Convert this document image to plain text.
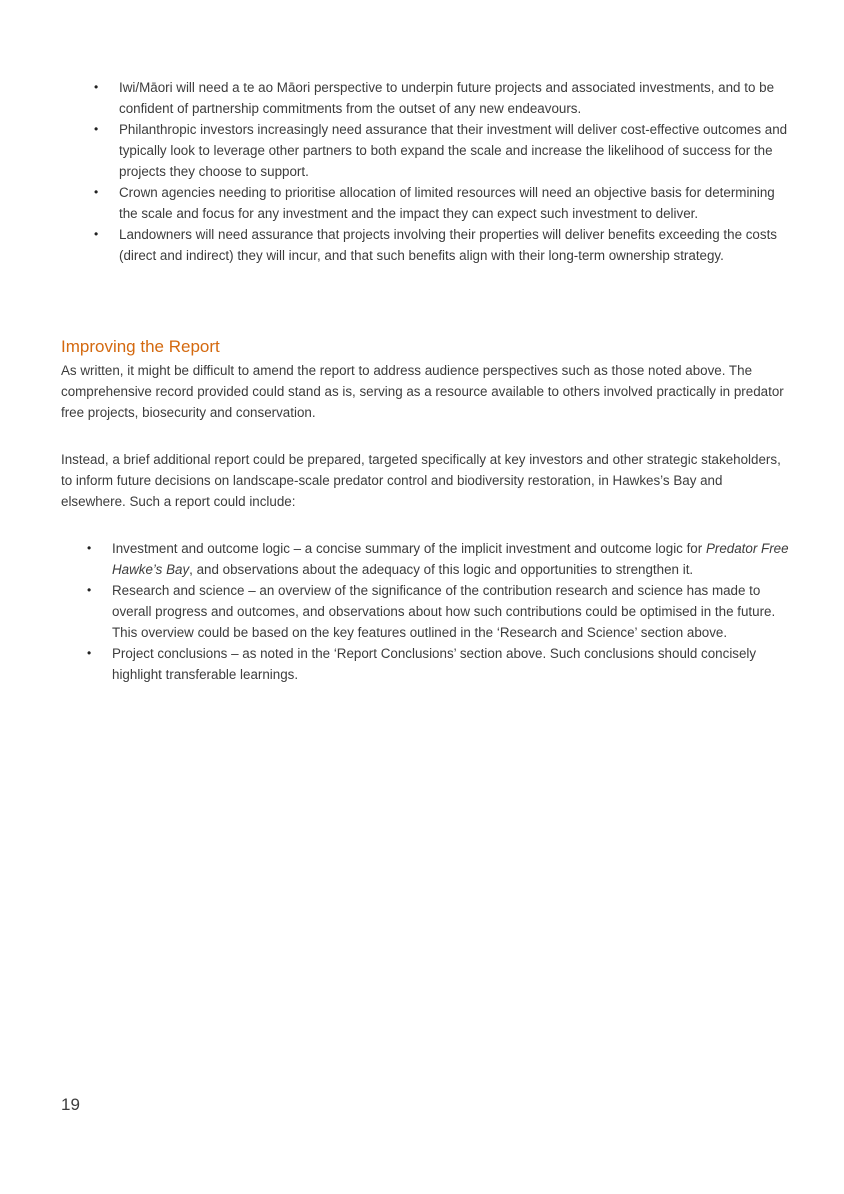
•	Iwi/Māori will need a te ao Māori perspective to underpin future projects and associated investments, and to be confident of partnership commitments from the outset of any new endeavours.
•	Philanthropic investors increasingly need assurance that their investment will deliver cost-effective outcomes and typically look to leverage other partners to both expand the scale and increase the likelihood of success for the projects they choose to support.
•	Crown agencies needing to prioritise allocation of limited resources will need an objective basis for determining the scale and focus for any investment and the impact they can expect such investment to deliver.
•	Landowners will need assurance that projects involving their properties will deliver benefits exceeding the costs (direct and indirect) they will incur, and that such benefits align with their long-term ownership strategy.
Improving the Report

As written, it might be difficult to amend the report to address audience perspectives such as those noted above. The comprehensive record provided could stand as is, serving as a resource available to others involved practically in predator free projects, biosecurity and conservation.

Instead, a brief additional report could be prepared, targeted specifically at key investors and other strategic stakeholders, to inform future decisions on landscape-scale predator control and biodiversity restoration, in Hawkes’s Bay and elsewhere. Such a report could include:

•	Investment and outcome logic – a concise summary of the implicit investment and outcome logic for Predator Free Hawke’s Bay, and observations about the adequacy of this logic and opportunities to strengthen it.
•	Research and science – an overview of the significance of the contribution research and science has made to overall progress and outcomes, and observations about how such contributions could be optimised in the future. This overview could be based on the key features outlined in the ‘Research and Science’ section above.
•	Project conclusions – as noted in the ‘Report Conclusions’ section above. Such conclusions should concisely highlight transferable learnings.
19
